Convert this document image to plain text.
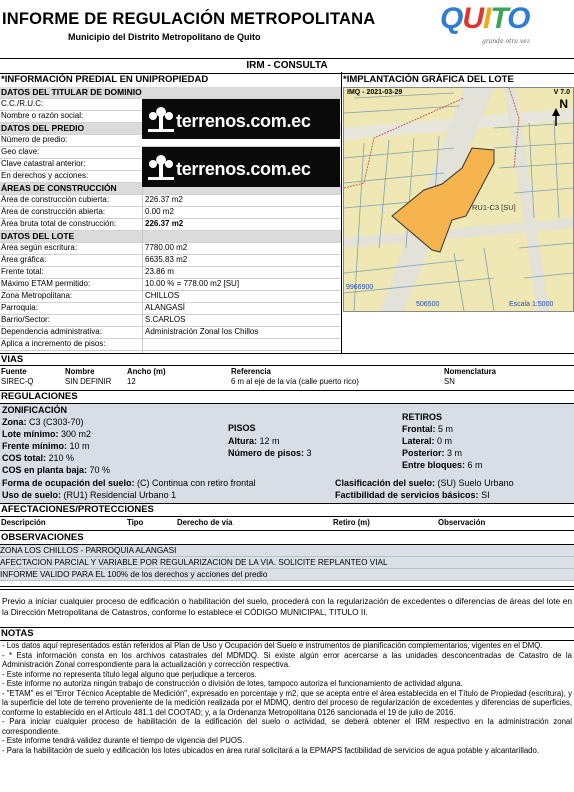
INFORME DE REGULACIÓN METROPOLITANA
Municipio del Distrito Metropolitano de Quito
QUITO
grande otra vez
IRM - CONSULTA
*INFORMACIÓN PREDIAL EN UNIPROPIEDAD
DATOS DEL TITULAR DE DOMINIO
C.C./R.U.C:
Nombre o razón social:
DATOS DEL PREDIO
Número de predio:
Geo clave:
Clave catastral anterior:
En derechos y acciones:
ÁREAS DE CONSTRUCCIÓN
Área de construcción cubierta:	226.37 m2
Área de construcción abierta:	0.00 m2
Área bruta total de construcción:	226.37 m2
DATOS DEL LOTE
Área según escritura:	7780.00 m2
Área gráfica:	6635.83 m2
Frente total:	23.86 m
Máximo ETAM permitido:	10.00 % = 778.00 m2 [SU]
Zona Metropolitana:	CHILLOS
Parroquia:	ALANGASÍ
Barrio/Sector:	S.CARLOS
Dependencia administrativa:	Administración Zonal los Chillos
Aplica a incremento de pisos:
terrenos.com.ec
terrenos.com.ec
*IMPLANTACIÓN GRÁFICA DEL LOTE
IMQ - 2021-03-29	V 7.0
N
RU1-C3 [SU]
9966900
506500	Escala 1:5000
VIAS
Fuente	Nombre	Ancho (m)	Referencia	Nomenclatura
SIREC-Q	SIN DEFINIR 12	6 m al eje de la vía (calle puerto rico)	SN
REGULACIONES
ZONIFICACIÓN
Zona: C3 (C303-70)
Lote mínimo: 300 m2
Frente mínimo: 10 m
COS total: 210 %
COS en planta baja: 70 %
Forma de ocupación del suelo: (C) Continua con retiro frontal
Uso de suelo: (RU1) Residencial Urbano 1
PISOS
Altura: 12 m
Número de pisos: 3
RETIROS
Frontal: 5 m
Lateral: 0 m
Posterior: 3 m
Entre bloques: 6 m
Clasificación del suelo: (SU) Suelo Urbano
Factibilidad de servicios básicos: SI
AFECTACIONES/PROTECCIONES
Descripción	Tipo	Derecho de vía	Retiro (m)	Observación
OBSERVACIONES
ZONA LOS CHILLOS - PARROQUIA ALANGASI
AFECTACION PARCIAL Y VARIABLE POR REGULARIZACION DE LA VIA. SOLICITE REPLANTEO VIAL
INFORME VALIDO PARA EL 100% de los derechos y acciones del predio
Previo a iniciar cualquier proceso de edificación o habilitación del suelo, procederá con la regularización de excedentes o diferencias de áreas del lote en la Dirección Metropolitana de Catastros, conforme lo establece el CÓDIGO MUNICIPAL, TITULO II.
NOTAS

- Los datos aquí representados están referidos al Plan de Uso y Ocupación del Suelo e instrumentos de planificación complementarios, vigentes en el DMQ.

- * Esta información consta en los archivos catastrales del MDMDQ. Si existe algún error acercarse a las unidades desconcentradas de Catastro de la Administración Zonal correspondiente para la actualización y corrección respectiva.

- Este informe no representa título legal alguno que perjudique a terceros.

- Este informe no autoriza ningún trabajo de construcción o división de lotes, tampoco autoriza el funcionamiento de actividad alguna.

- "ETAM" es el "Error Técnico Aceptable de Medición", expresado en porcentaje y m2, que se acepta entre el área establecida en el Título de Propiedad (escritura), y la superficie del lote de terreno proveniente de la medición realizada por el MDMQ, dentro del proceso de regularización de excedentes y diferencias de superficies, conforme lo establecido en el Artículo 481.1 del COOTAD; y, a la Ordenanza Metropolitana 0126 sancionada el 19 de julio de 2016.

- Para iniciar cualquier proceso de habilitación de la edificación del suelo o actividad, se deberá obtener el IRM respectivo en la administración zonal correspondiente.

- Este informe tendrá validez durante el tiempo de vigencia del PUOS.

- Para la habilitación de suelo y edificación los lotes ubicados en área rural solicitará a la EPMAPS factibilidad de servicios de agua potable y alcantarillado.
